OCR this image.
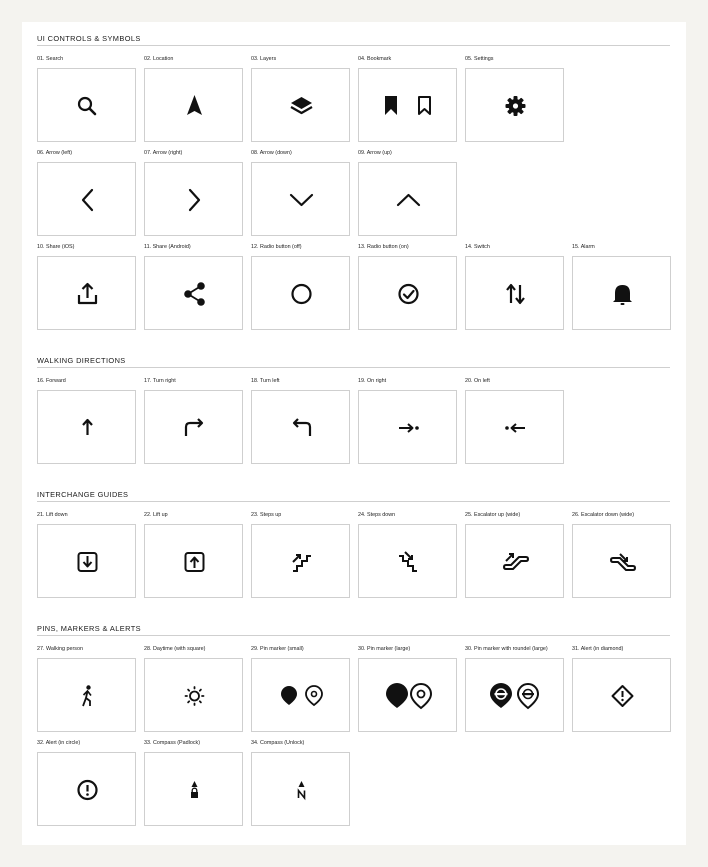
UI CONTROLS & SYMBOLS
WALKING DIRECTIONS
INTERCHANGE GUIDES
PINS, MARKERS & ALERTS
01. Search	02. Location	03. Layers	04. Bookmark	05. Settings
06. Arrow (left)	07. Arrow (right)	08. Arrow (down)	09. Arrow (up)
10. Share (iOS)	11. Share (Android)	12. Radio button (off)	13. Radio button (on)	14. Switch	15. Alarm
16. Forward	17. Turn right	18. Turn left	19. On right	20. On left
21. Lift down	22. Lift up	23. Steps up	24. Steps down	25. Escalator up (wide)	26. Escalator down (wide)
27. Walking person	28. Daytime (with square)	29. Pin marker (small)	30. Pin marker (large)	30. Pin marker with roundel (large)	31. Alert (in diamond)
32. Alert (in circle)	33. Compass (Padlock)	34. Compass (Unlock)
